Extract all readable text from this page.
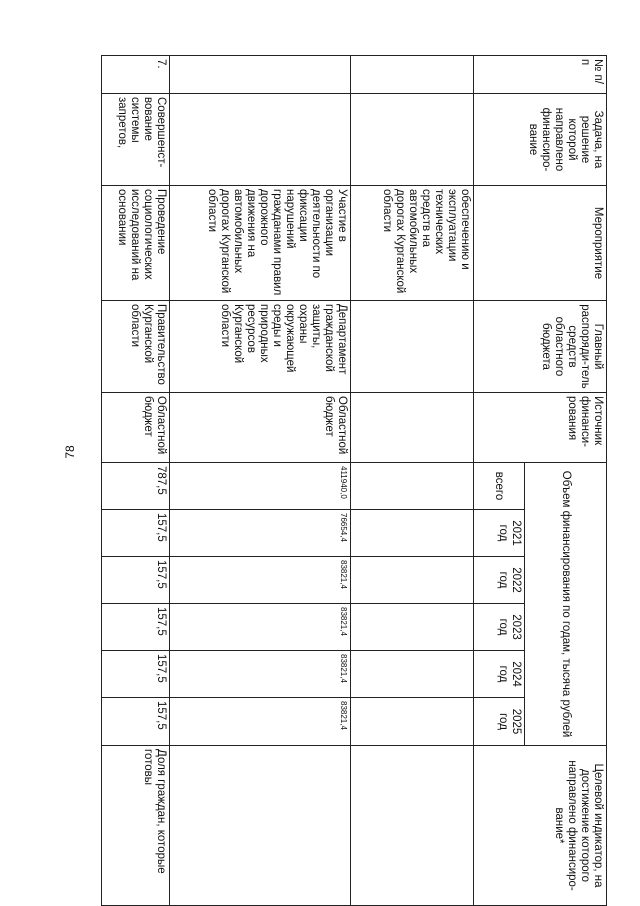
78
№ п/п	Задача, на решение которой направлено финансиро-вание	Мероприятие	Главный распоряди-тель средств областного бюджета	Источник финанси-рования	Объем финансирования по годам, тысяча рублей						Целевой индикатор, на достижение которого направлено финансиро-вание*
					всего	2021 год	2022 год	2023 год	2024 год	2025 год	
		обеспечению и эксплуатации технических средств на автомобильных дорогах Курганской области									
		Участие в организации деятельности по фиксации нарушений гражданами правил дорожного движения на автомобильных дорогах Курганской области	Департамент гражданской защиты, охраны окружающей среды и природных ресурсов Курганской области	Областной бюджет	411940,0	76654,4	83821,4	83821,4	83821,4	83821,4	
7.	Совершенст-вование системы запретов,	Проведение социологических исследований на основании	Правительство Курганской области	Областной бюджет	787,5	157,5	157,5	157,5	157,5	157,5	Доля граждан, которые готовы
